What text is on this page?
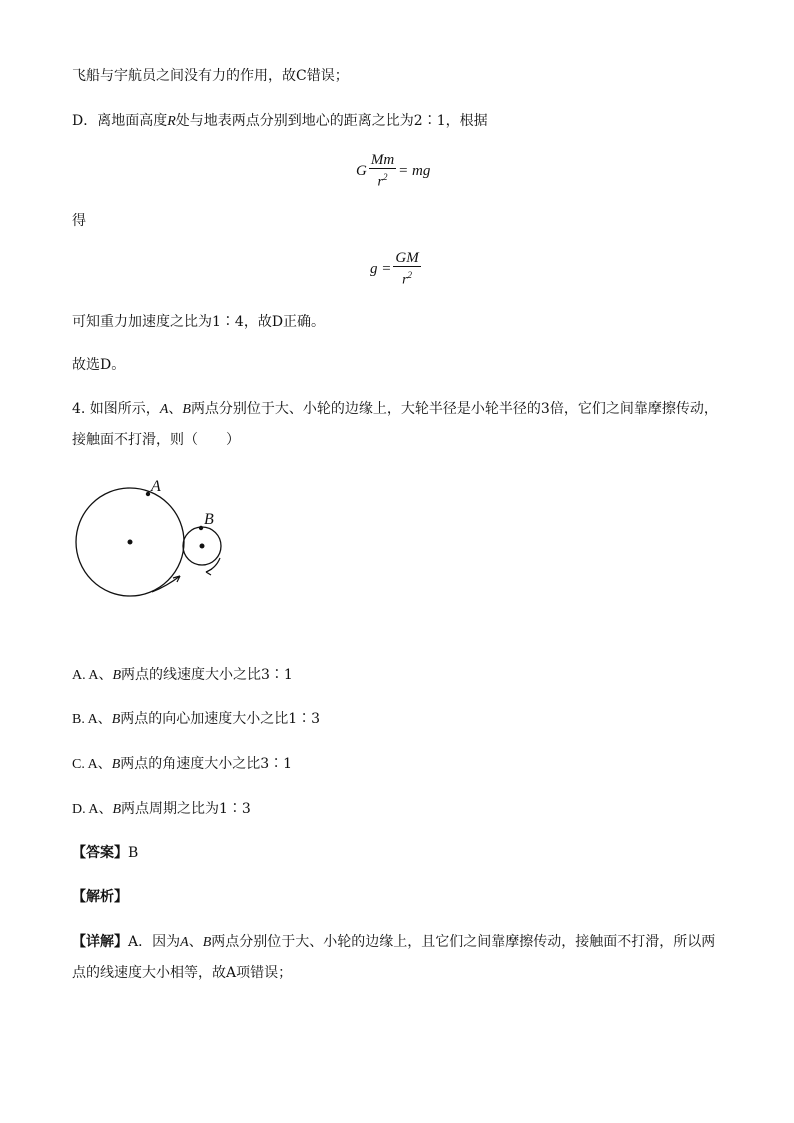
飞船与宇航员之间没有力的作用，故C错误；
D．离地面高度R处与地表两点分别到地心的距离之比为2∶1，根据
G $\frac{Mm}{r^2}$ = mg
得
$g = \frac{GM}{r^2}$
可知重力加速度之比为1∶4，故D正确。
故选D。
4. 如图所示，A、B两点分别位于大、小轮的边缘上，大轮半径是小轮半径的3倍，它们之间靠摩擦传动，
接触面不打滑，则（　　）
A
B
A. A、B两点的线速度大小之比3∶1
B. A、B两点的向心加速度大小之比1∶3
C. A、B两点的角速度大小之比3∶1
D. A、B两点周期之比为1∶3
【答案】B
【解析】
【详解】A．因为A、B两点分别位于大、小轮的边缘上，且它们之间靠摩擦传动，接触面不打滑，所以两
点的线速度大小相等，故A项错误；
